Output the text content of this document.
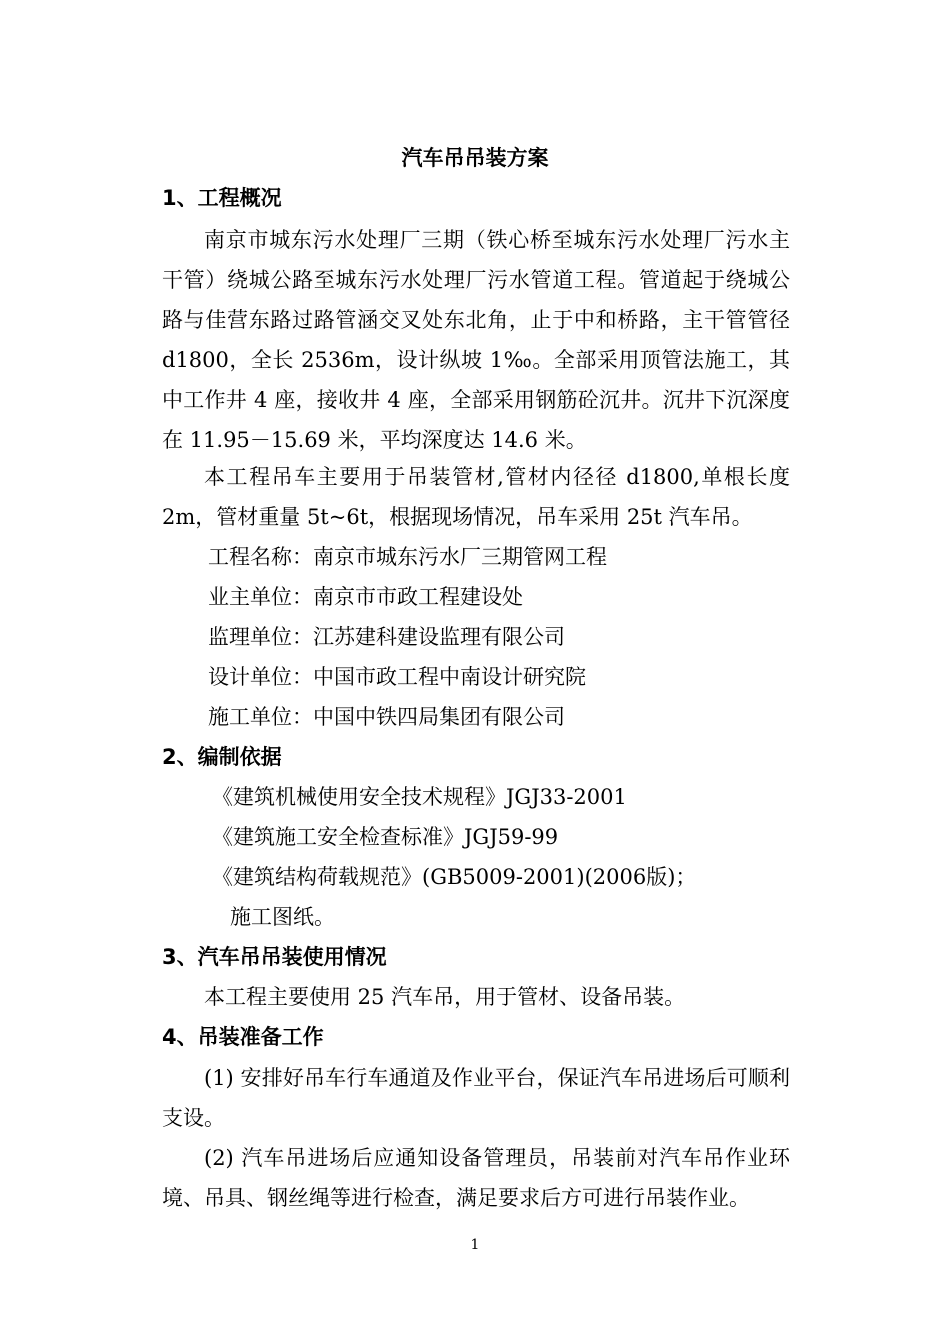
汽车吊吊装方案
1、工程概况
南京市城东污水处理厂三期（铁心桥至城东污水处理厂污水主干管）绕城公路至城东污水处理厂污水管道工程。管道起于绕城公路与佳营东路过路管涵交叉处东北角，止于中和桥路，主干管管径 d1800，全长 2536m，设计纵坡 1‰。全部采用顶管法施工，其中工作井 4 座，接收井 4 座，全部采用钢筋砼沉井。沉井下沉深度在 11.95－15.69 米，平均深度达 14.6 米。
本工程吊车主要用于吊装管材,管材内径径 d1800,单根长度 2m，管材重量 5t~6t，根据现场情况，吊车采用 25t 汽车吊。
工程名称：南京市城东污水厂三期管网工程
业主单位：南京市市政工程建设处
监理单位：江苏建科建设监理有限公司
设计单位：中国市政工程中南设计研究院
施工单位：中国中铁四局集团有限公司
2、编制依据
《建筑机械使用安全技术规程》JGJ33-2001
《建筑施工安全检查标准》JGJ59-99
《建筑结构荷载规范》(GB5009-2001)(2006版)；
施工图纸。
3、汽车吊吊装使用情况
本工程主要使用 25 汽车吊，用于管材、设备吊装。
4、吊装准备工作
(1) 安排好吊车行车通道及作业平台，保证汽车吊进场后可顺利支设。
(2) 汽车吊进场后应通知设备管理员，吊装前对汽车吊作业环境、吊具、钢丝绳等进行检查，满足要求后方可进行吊装作业。
1
